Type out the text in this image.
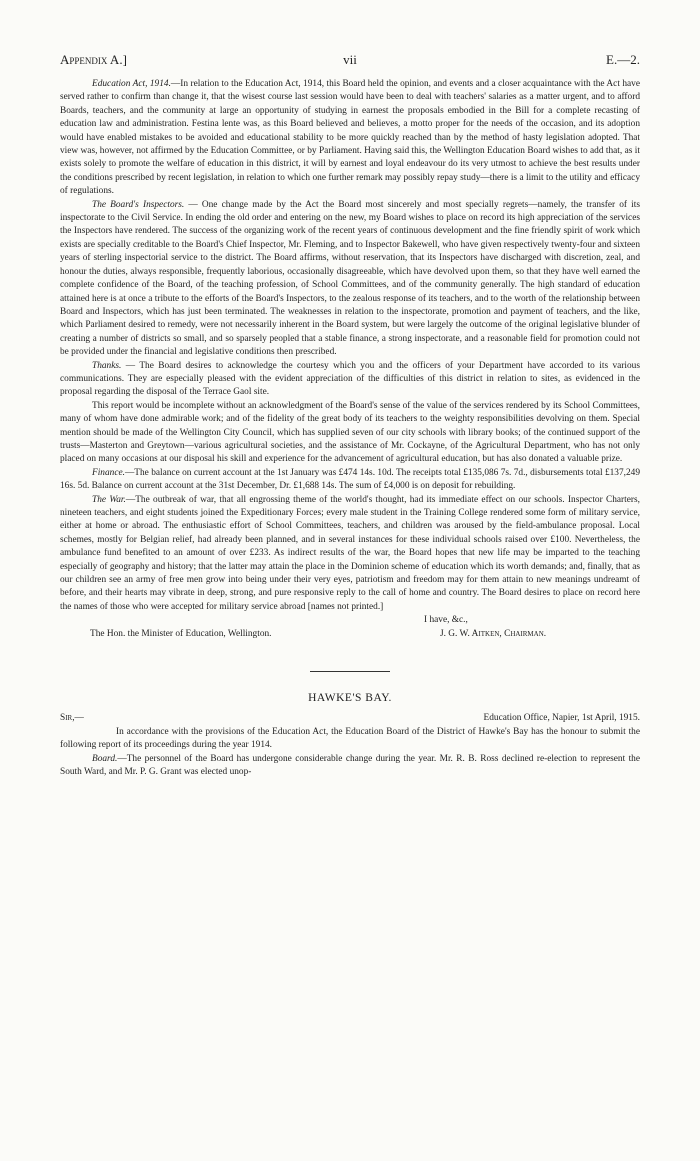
Appendix A.]	vii	E.—2.

Education Act, 1914.—In relation to the Education Act, 1914, this Board held the opinion, and events and a closer acquaintance with the Act have served rather to confirm than change it, that the wisest course last session would have been to deal with teachers' salaries as a matter urgent, and to afford Boards, teachers, and the community at large an opportunity of studying in earnest the proposals embodied in the Bill for a complete recasting of education law and administration. Festina lente was, as this Board believed and believes, a motto proper for the needs of the occasion, and its adoption would have enabled mistakes to be avoided and educational stability to be more quickly reached than by the method of hasty legislation adopted. That view was, however, not affirmed by the Education Committee, or by Parliament. Having said this, the Wellington Education Board wishes to add that, as it exists solely to promote the welfare of education in this district, it will by earnest and loyal endeavour do its very utmost to achieve the best results under the conditions prescribed by recent legislation, in relation to which one further remark may possibly repay study—there is a limit to the utility and efficacy of regulations.

The Board's Inspectors. — One change made by the Act the Board most sincerely and most specially regrets—namely, the transfer of its inspectorate to the Civil Service. In ending the old order and entering on the new, my Board wishes to place on record its high appreciation of the services the Inspectors have rendered. The success of the organizing work of the recent years of continuous development and the fine friendly spirit of work which exists are specially creditable to the Board's Chief Inspector, Mr. Fleming, and to Inspector Bakewell, who have given respectively twenty-four and sixteen years of sterling inspectorial service to the district. The Board affirms, without reservation, that its Inspectors have discharged with discretion, zeal, and honour the duties, always responsible, frequently laborious, occasionally disagreeable, which have devolved upon them, so that they have well earned the complete confidence of the Board, of the teaching profession, of School Committees, and of the community generally. The high standard of education attained here is at once a tribute to the efforts of the Board's Inspectors, to the zealous response of its teachers, and to the worth of the relationship between Board and Inspectors, which has just been terminated. The weaknesses in relation to the inspectorate, promotion and payment of teachers, and the like, which Parliament desired to remedy, were not necessarily inherent in the Board system, but were largely the outcome of the original legislative blunder of creating a number of districts so small, and so sparsely peopled that a stable finance, a strong inspectorate, and a reasonable field for promotion could not be provided under the financial and legislative conditions then prescribed.

Thanks. — The Board desires to acknowledge the courtesy which you and the officers of your Department have accorded to its various communications. They are especially pleased with the evident appreciation of the difficulties of this district in relation to sites, as evidenced in the proposal regarding the disposal of the Terrace Gaol site.

This report would be incomplete without an acknowledgment of the Board's sense of the value of the services rendered by its School Committees, many of whom have done admirable work; and of the fidelity of the great body of its teachers to the weighty responsibilities devolving on them. Special mention should be made of the Wellington City Council, which has supplied seven of our city schools with library books; of the continued support of the trusts—Masterton and Greytown—various agricultural societies, and the assistance of Mr. Cockayne, of the Agricultural Department, who has not only placed on many occasions at our disposal his skill and experience for the advancement of agricultural education, but has also donated a valuable prize.

Finance.—The balance on current account at the 1st January was £474 14s. 10d. The receipts total £135,086 7s. 7d., disbursements total £137,249 16s. 5d. Balance on current account at the 31st December, Dr. £1,688 14s. The sum of £4,000 is on deposit for rebuilding.

The War.—The outbreak of war, that all engrossing theme of the world's thought, had its immediate effect on our schools. Inspector Charters, nineteen teachers, and eight students joined the Expeditionary Forces; every male student in the Training College rendered some form of military service, either at home or abroad. The enthusiastic effort of School Committees, teachers, and children was aroused by the field-ambulance proposal. Local schemes, mostly for Belgian relief, had already been planned, and in several instances for these individual schools raised over £100. Nevertheless, the ambulance fund benefited to an amount of over £233. As indirect results of the war, the Board hopes that new life may be imparted to the teaching especially of geography and history; that the latter may attain the place in the Dominion scheme of education which its worth demands; and, finally, that as our children see an army of free men grow into being under their very eyes, patriotism and freedom may for them attain to new meanings undreamt of before, and their hearts may vibrate in deep, strong, and pure responsive reply to the call of home and country. The Board desires to place on record here the names of those who were accepted for military service abroad [names not printed.]

I have, &c.,
The Hon. the Minister of Education, Wellington.	J. G. W. Aitken, Chairman.
HAWKE'S BAY.
Sir,—	Education Office, Napier, 1st April, 1915.

In accordance with the provisions of the Education Act, the Education Board of the District of Hawke's Bay has the honour to submit the following report of its proceedings during the year 1914.

Board.—The personnel of the Board has undergone considerable change during the year. Mr. R. B. Ross declined re-election to represent the South Ward, and Mr. P. G. Grant was elected unop-
